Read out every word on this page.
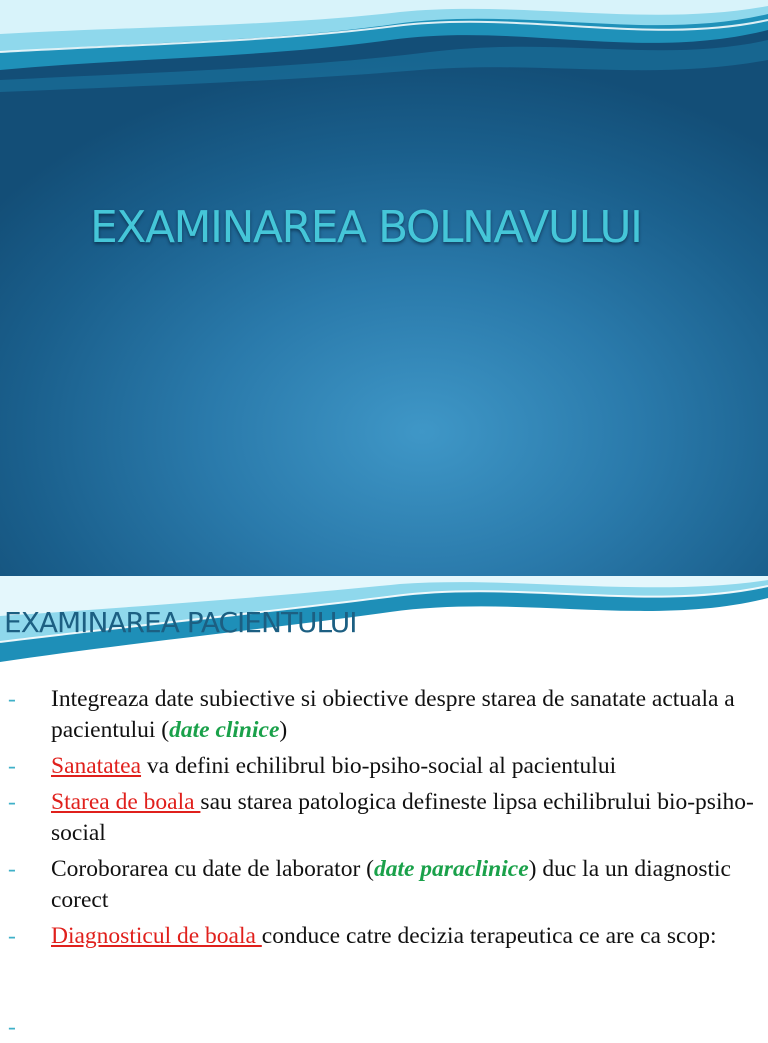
EXAMINAREA BOLNAVULUI
EXAMINAREA PACIENTULUI
- Integreaza date subiective si obiective despre starea de sanatate actuala a pacientului (date clinice)
- Sanatatea va defini echilibrul bio-psiho-social al pacientului
- Starea de boala sau starea patologica defineste lipsa echilibrului bio-psiho-social
- Coroborarea cu date de laborator (date paraclinice) duc la un diagnostic corect
- Diagnosticul de boala conduce catre decizia terapeutica ce are ca scop:
-
